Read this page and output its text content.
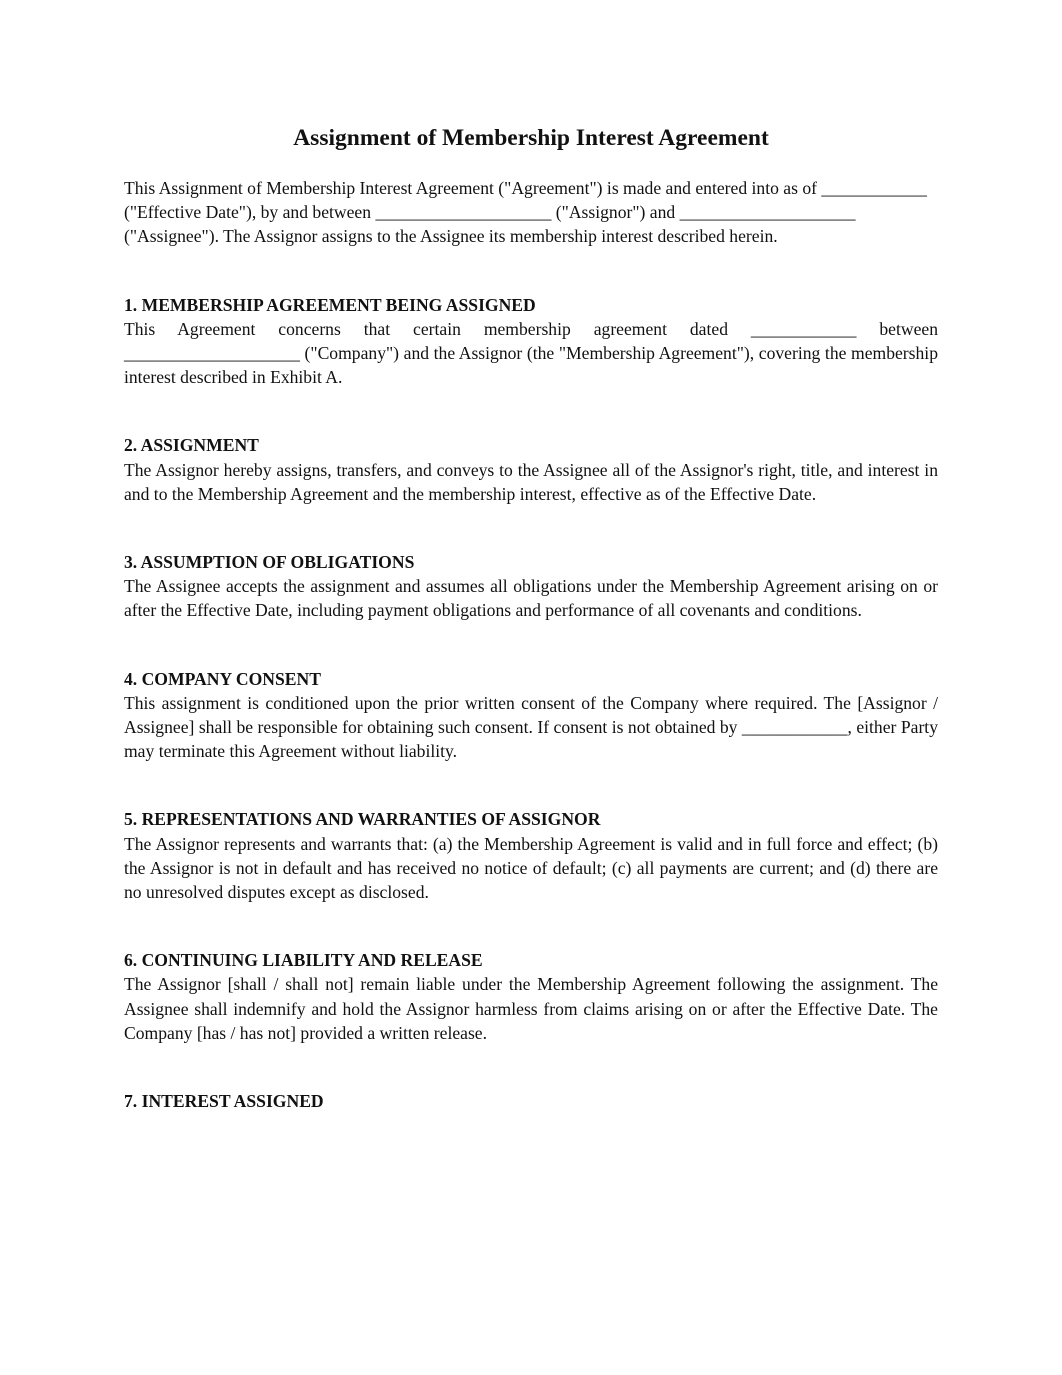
Assignment of Membership Interest Agreement

This Assignment of Membership Interest Agreement ("Agreement") is made and entered into as of ____________ ("Effective Date"), by and between ____________________ ("Assignor") and ____________________ ("Assignee"). The Assignor assigns to the Assignee its membership interest described herein.

1. MEMBERSHIP AGREEMENT BEING ASSIGNED

This Agreement concerns that certain membership agreement dated ____________ between ____________________ ("Company") and the Assignor (the "Membership Agreement"), covering the membership interest described in Exhibit A.

2. ASSIGNMENT

The Assignor hereby assigns, transfers, and conveys to the Assignee all of the Assignor's right, title, and interest in and to the Membership Agreement and the membership interest, effective as of the Effective Date.

3. ASSUMPTION OF OBLIGATIONS

The Assignee accepts the assignment and assumes all obligations under the Membership Agreement arising on or after the Effective Date, including payment obligations and performance of all covenants and conditions.

4. COMPANY CONSENT

This assignment is conditioned upon the prior written consent of the Company where required. The [Assignor / Assignee] shall be responsible for obtaining such consent. If consent is not obtained by ____________, either Party may terminate this Agreement without liability.

5. REPRESENTATIONS AND WARRANTIES OF ASSIGNOR

The Assignor represents and warrants that: (a) the Membership Agreement is valid and in full force and effect; (b) the Assignor is not in default and has received no notice of default; (c) all payments are current; and (d) there are no unresolved disputes except as disclosed.

6. CONTINUING LIABILITY AND RELEASE

The Assignor [shall / shall not] remain liable under the Membership Agreement following the assignment. The Assignee shall indemnify and hold the Assignor harmless from claims arising on or after the Effective Date. The Company [has / has not] provided a written release.

7. INTEREST ASSIGNED
